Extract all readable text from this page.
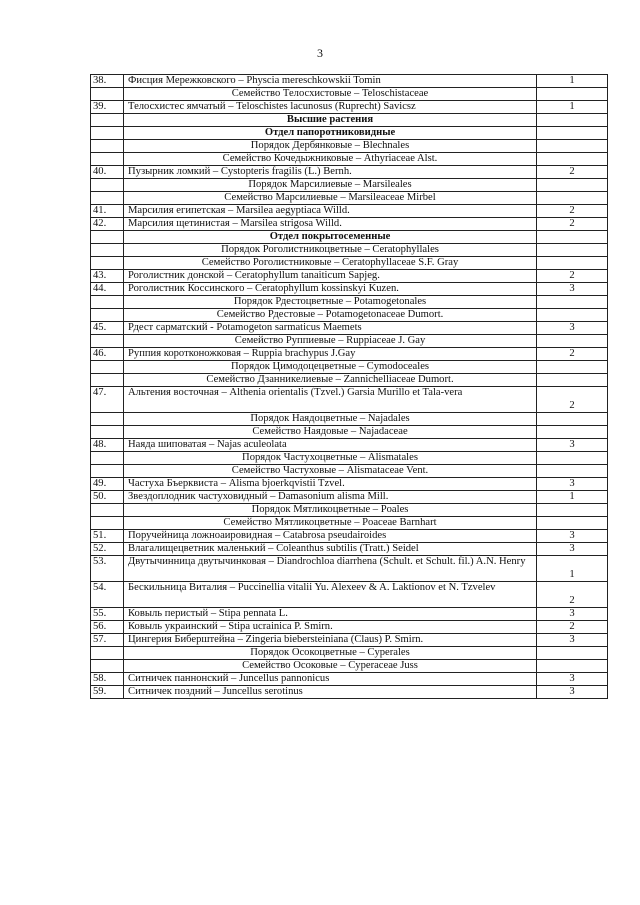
3
38.	Фисция Мережковского – Physcia mereschkowskii Tomin	1
	Семейство Телосхистовые – Teloschistaceae	
39.	Телосхистес ямчатый – Teloschistes lacunosus (Ruprecht) Savicsz	1
	Высшие растения	
	Отдел папоротниковидные	
	Порядок Дербянковые – Blechnales	
	Семейство Кочедыжниковые – Athyriaceae Alst.	
40.	Пузырник ломкий – Cystopteris fragilis (L.) Bernh.	2
	Порядок Марсилиевые – Marsileales	
	Семейство Марсилиевые – Marsileaceae Mirbel	
41.	Марсилия египетская – Marsilea aegyptiaca Willd.	2
42.	Марсилия щетинистая – Marsilea strigosa Willd.	2
	Отдел покрытосеменные	
	Порядок Роголистникоцветные – Ceratophyllales	
	Семейство Роголистниковые – Ceratophyllaceae S.F. Gray	
43.	Роголистник донской – Ceratophyllum tanaiticum Sapjeg.	2
44.	Роголистник Коссинского – Ceratophyllum kossinskyi Kuzen.	3
	Порядок Рдестоцветные – Potamogetonales	
	Семейство Рдестовые – Potamogetonaceae Dumort.	
45.	Рдест сарматский - Potamogeton sarmaticus Maemets	3
	Семейство Руппиевые – Ruppiaceae J. Gay	
46.	Руппия коротконожковая – Ruppia brachypus J.Gay	2
	Порядок Цимодоцецветные – Cymodoceales	
	Семейство Дзанникелиевые – Zannichelliaceae Dumort.	
47.	Альтения восточная – Althenia orientalis (Tzvel.) Garsia Murillo et Tala-vera	2
	Порядок Наядоцветные – Najadales	
	Семейство Наядовые – Najadaceae	
48.	Наяда шиповатая – Najas aculeolata	3
	Порядок Частухоцветные – Alismatales	
	Семейство Частуховые – Alismataceae Vent.	
49.	Частуха Бъерквиста – Alisma bjoerkqvistii Tzvel.	3
50.	Звездоплодник частуховидный – Damasonium alisma Mill.	1
	Порядок Мятликоцветные – Poales	
	Семейство Мятликоцветные – Poaceae Barnhart	
51.	Поручейница ложноаировидная – Catabrosa pseudairoides	3
52.	Влагалищецветник маленький – Coleanthus subtilis (Tratt.) Seidel	3
53.	Двутычинница двутычинковая – Diandrochloa diarrhena (Schult. et Schult. fil.) A.N. Henry	1
54.	Бескильница Виталия – Puccinellia vitalii Yu. Alexeev & A. Laktionov et N. Tzvelev	2
55.	Ковыль перистый – Stipa pennata L.	3
56.	Ковыль украинский – Stipa ucrainica P. Smirn.	2
57.	Цингерия Биберштейна – Zingeria biebersteiniana (Claus) P. Smirn.	3
	Порядок Осокоцветные – Cyperales	
	Семейство Осоковые – Cyperaceae Juss	
58.	Ситничек паннонский – Juncellus pannonicus	3
59.	Ситничек поздний – Juncellus serotinus	3
